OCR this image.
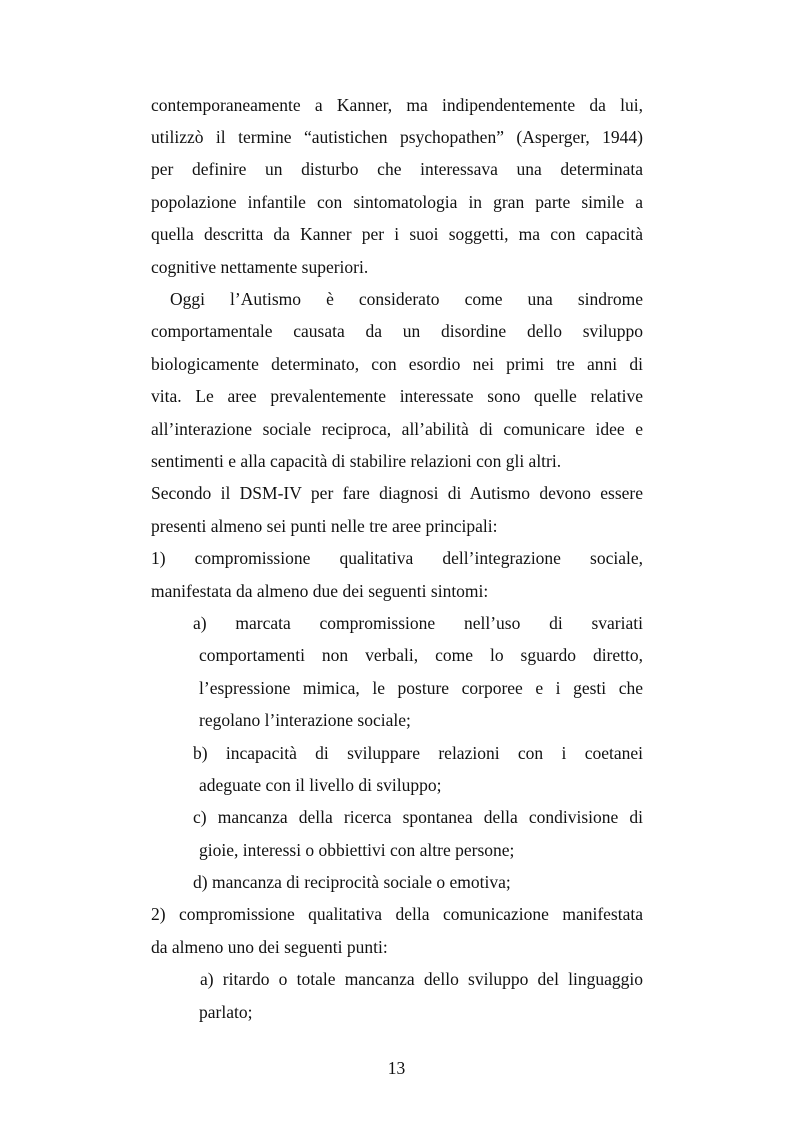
contemporaneamente a Kanner, ma indipendentemente da lui,
utilizzò il termine “autistichen psychopathen” (Asperger, 1944)
per definire un disturbo che interessava una determinata
popolazione infantile con sintomatologia in gran parte simile a
quella descritta da Kanner per i suoi soggetti, ma con capacità
cognitive nettamente superiori.
Oggi l’Autismo è considerato come una sindrome
comportamentale causata da un disordine dello sviluppo
biologicamente determinato, con esordio nei primi tre anni di
vita. Le aree prevalentemente interessate sono quelle relative
all’interazione sociale reciproca, all’abilità di comunicare idee e
sentimenti e alla capacità di stabilire relazioni con gli altri.
Secondo il DSM-IV per fare diagnosi di Autismo devono essere
presenti almeno sei punti nelle tre aree principali:
1) compromissione qualitativa dell’integrazione sociale,
manifestata da almeno due dei seguenti sintomi:
a) marcata compromissione nell’uso di svariati
comportamenti non verbali, come lo sguardo diretto,
l’espressione mimica, le posture corporee e i gesti che
regolano l’interazione sociale;
b) incapacità di sviluppare relazioni con i coetanei
adeguate con il livello di sviluppo;
c) mancanza della ricerca spontanea della condivisione di
gioie, interessi o obbiettivi con altre persone;
d) mancanza di reciprocità sociale o emotiva;
2) compromissione qualitativa della comunicazione manifestata
da almeno uno dei seguenti punti:
a) ritardo o totale mancanza dello sviluppo del linguaggio
parlato;
13
